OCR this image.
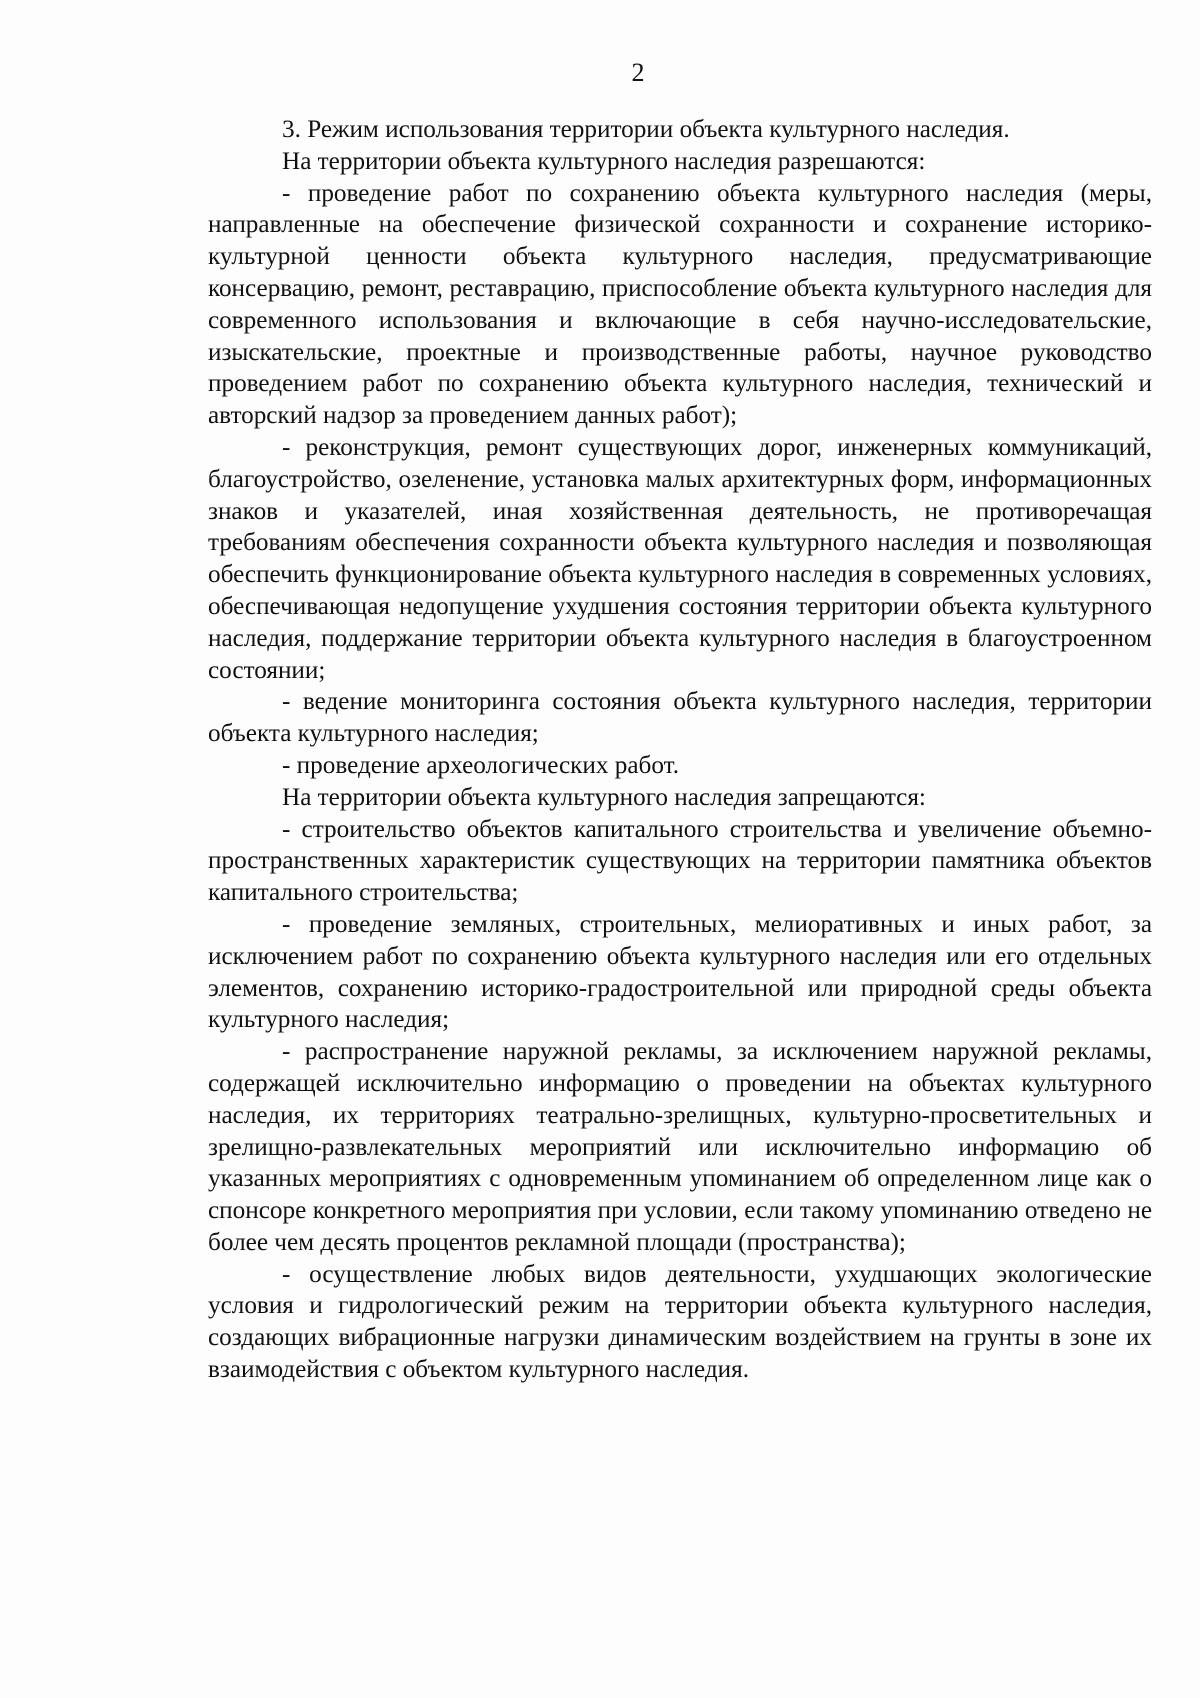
2

3. Режим использования территории объекта культурного наследия.

На территории объекта культурного наследия разрешаются:

- проведение работ по сохранению объекта культурного наследия (меры, направленные на обеспечение физической сохранности и сохранение историко-культурной ценности объекта культурного наследия, предусматривающие консервацию, ремонт, реставрацию, приспособление объекта культурного наследия для современного использования и включающие в себя научно-исследовательские, изыскательские, проектные и производственные работы, научное руководство проведением работ по сохранению объекта культурного наследия, технический и авторский надзор за проведением данных работ);

- реконструкция, ремонт существующих дорог, инженерных коммуникаций, благоустройство, озеленение, установка малых архитектурных форм, информационных знаков и указателей, иная хозяйственная деятельность, не противоречащая требованиям обеспечения сохранности объекта культурного наследия и позволяющая обеспечить функционирование объекта культурного наследия в современных условиях, обеспечивающая недопущение ухудшения состояния территории объекта культурного наследия, поддержание территории объекта культурного наследия в благоустроенном состоянии;

- ведение мониторинга состояния объекта культурного наследия, территории объекта культурного наследия;

- проведение археологических работ.

На территории объекта культурного наследия запрещаются:

- строительство объектов капитального строительства и увеличение объемно-пространственных характеристик существующих на территории памятника объектов капитального строительства;

- проведение земляных, строительных, мелиоративных и иных работ, за исключением работ по сохранению объекта культурного наследия или его отдельных элементов, сохранению историко-градостроительной или природной среды объекта культурного наследия;

- распространение наружной рекламы, за исключением наружной рекламы, содержащей исключительно информацию о проведении на объектах культурного наследия, их территориях театрально-зрелищных, культурно-просветительных и зрелищно-развлекательных мероприятий или исключительно информацию об указанных мероприятиях с одновременным упоминанием об определенном лице как о спонсоре конкретного мероприятия при условии, если такому упоминанию отведено не более чем десять процентов рекламной площади (пространства);

- осуществление любых видов деятельности, ухудшающих экологические условия и гидрологический режим на территории объекта культурного наследия, создающих вибрационные нагрузки динамическим воздействием на грунты в зоне их взаимодействия с объектом культурного наследия.
